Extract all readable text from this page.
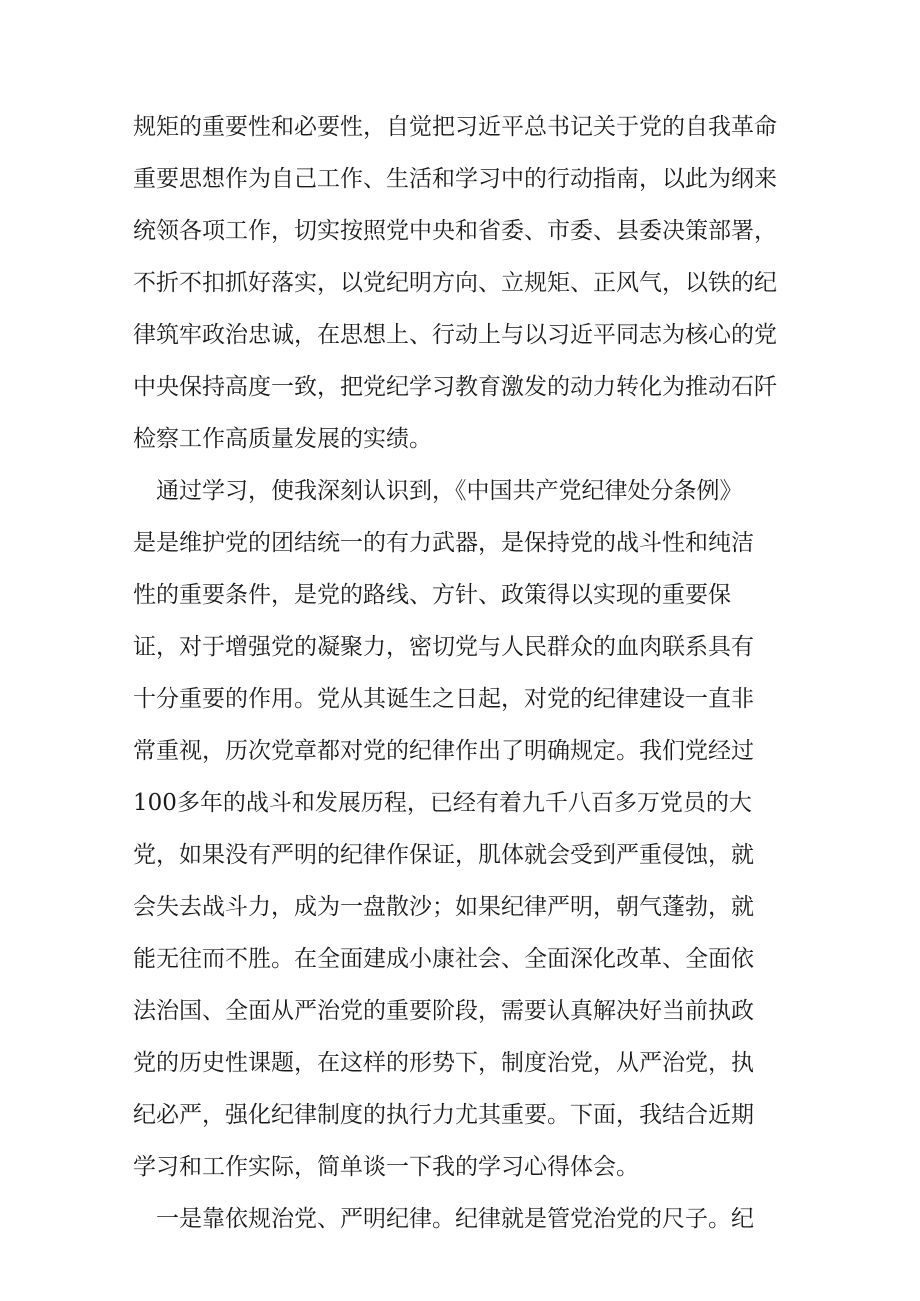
规矩的重要性和必要性，自觉把习近平总书记关于党的自我革命
重要思想作为自己工作、生活和学习中的行动指南，以此为纲来
统领各项工作，切实按照党中央和省委、市委、县委决策部署，
不折不扣抓好落实，以党纪明方向、立规矩、正风气，以铁的纪
律筑牢政治忠诚，在思想上、行动上与以习近平同志为核心的党
中央保持高度一致，把党纪学习教育激发的动力转化为推动石阡
检察工作高质量发展的实绩。
通过学习，使我深刻认识到，《中国共产党纪律处分条例》
是是维护党的团结统一的有力武器，是保持党的战斗性和纯洁
性的重要条件，是党的路线、方针、政策得以实现的重要保
证，对于增强党的凝聚力，密切党与人民群众的血肉联系具有
十分重要的作用。党从其诞生之日起，对党的纪律建设一直非
常重视，历次党章都对党的纪律作出了明确规定。我们党经过
100多年的战斗和发展历程，已经有着九千八百多万党员的大
党，如果没有严明的纪律作保证，肌体就会受到严重侵蚀，就
会失去战斗力，成为一盘散沙；如果纪律严明，朝气蓬勃，就
能无往而不胜。在全面建成小康社会、全面深化改革、全面依
法治国、全面从严治党的重要阶段，需要认真解决好当前执政
党的历史性课题，在这样的形势下，制度治党，从严治党，执
纪必严，强化纪律制度的执行力尤其重要。下面，我结合近期
学习和工作实际，简单谈一下我的学习心得体会。
一是靠依规治党、严明纪律。纪律就是管党治党的尺子。纪
